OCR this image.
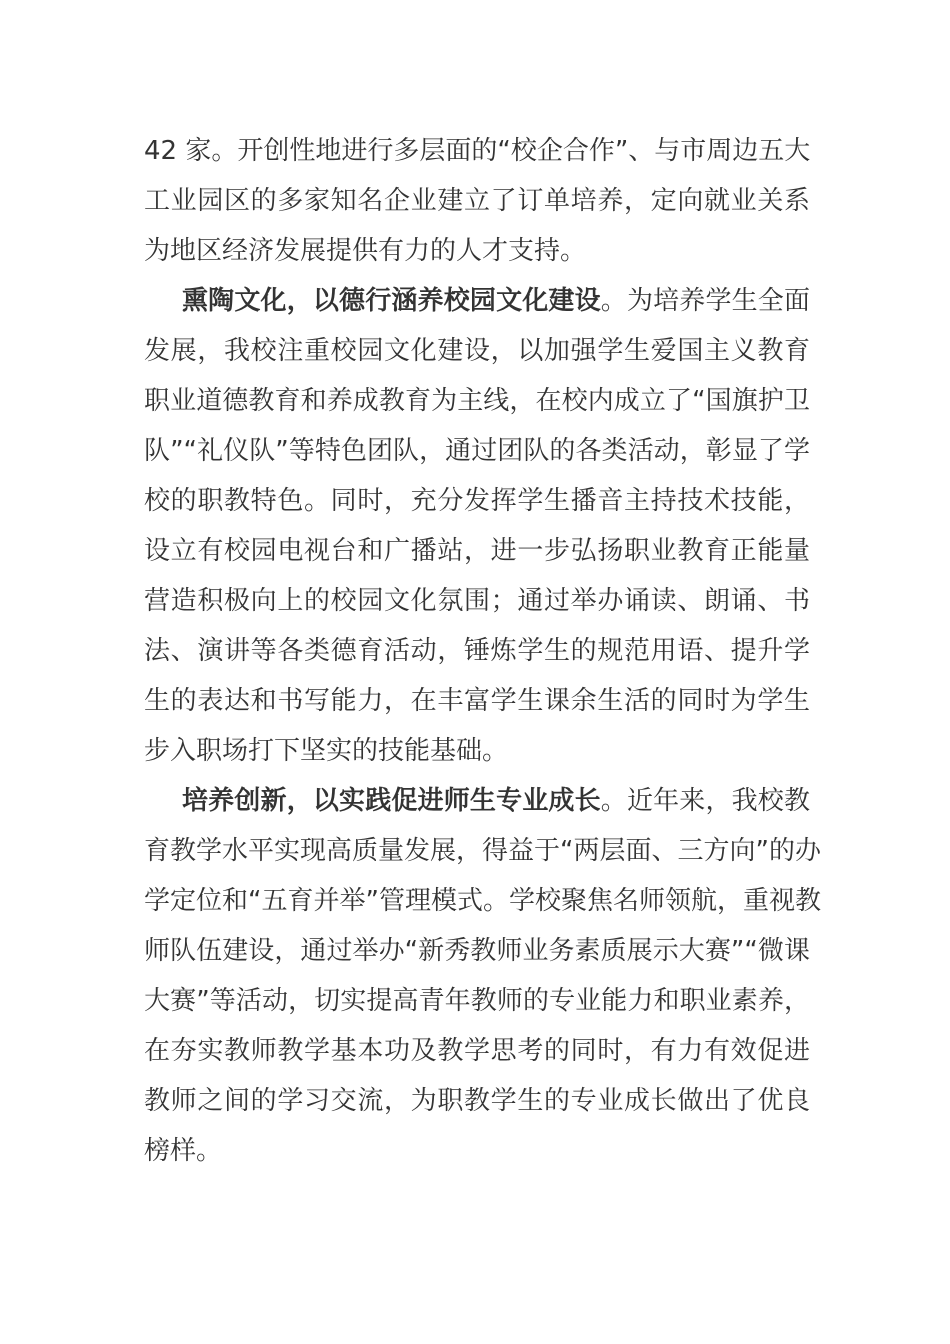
42 家。开创性地进行多层面的“校企合作”、与市周边五大
工业园区的多家知名企业建立了订单培养，定向就业关系
为地区经济发展提供有力的人才支持。
熏陶文化，以德行涵养校园文化建设。为培养学生全面
发展，我校注重校园文化建设，以加强学生爱国主义教育
职业道德教育和养成教育为主线，在校内成立了“国旗护卫
队”“礼仪队”等特色团队，通过团队的各类活动，彰显了学
校的职教特色。同时，充分发挥学生播音主持技术技能，
设立有校园电视台和广播站，进一步弘扬职业教育正能量
营造积极向上的校园文化氛围；通过举办诵读、朗诵、书
法、演讲等各类德育活动，锤炼学生的规范用语、提升学
生的表达和书写能力，在丰富学生课余生活的同时为学生
步入职场打下坚实的技能基础。
培养创新，以实践促进师生专业成长。近年来，我校教
育教学水平实现高质量发展，得益于“两层面、三方向”的办
学定位和“五育并举”管理模式。学校聚焦名师领航，重视教
师队伍建设，通过举办“新秀教师业务素质展示大赛”“微课
大赛”等活动，切实提高青年教师的专业能力和职业素养，
在夯实教师教学基本功及教学思考的同时，有力有效促进
教师之间的学习交流，为职教学生的专业成长做出了优良
榜样。
